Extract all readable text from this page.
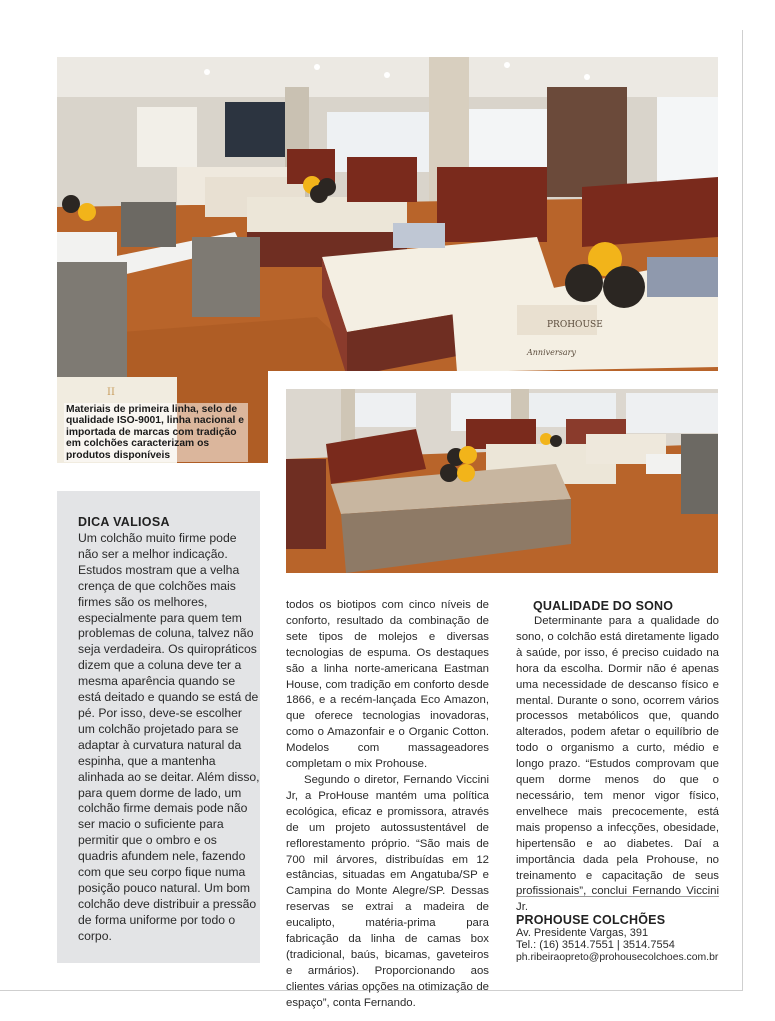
II
PROHOUSE
Anniversary
Materiais de primeira linha, selo de qualidade ISO-9001, linha nacional e importada de marcas com tradição em colchões caracterizam os produtos disponíveis
DICA VALIOSA
Um colchão muito firme pode não ser a melhor indicação. Estudos mostram que a velha crença de que colchões mais firmes são os melhores, especialmente para quem tem problemas de coluna, talvez não seja verdadeira. Os quiropráticos dizem que a coluna deve ter a mesma aparência quando se está deitado e quando se está de pé. Por isso, deve-se escolher um colchão projetado para se adaptar à curvatura natural da espinha, que a mantenha alinhada ao se deitar. Além disso, para quem dorme de lado, um colchão firme demais pode não ser macio o suficiente para permitir que o ombro e os quadris afundem nele, fazendo com que seu corpo fique numa posição pouco natural. Um bom colchão deve distribuir a pressão de forma uniforme por todo o corpo.

todos os biotipos com cinco níveis de conforto, resultado da combinação de sete tipos de molejos e diversas tecnologias de espuma. Os destaques são a linha norte-americana Eastman House, com tradição em conforto desde 1866, e a recém-lançada Eco Amazon, que oferece tecnologias inovadoras, como o Amazonfair e o Organic Cotton. Modelos com massageadores completam o mix Prohouse.

Segundo o diretor, Fernando Viccini Jr, a ProHouse mantém uma política ecológica, eficaz e promissora, através de um projeto autossustentável de reflorestamento próprio. “São mais de 700 mil árvores, distribuídas em 12 estâncias, situadas em Angatuba/SP e Campina do Monte Alegre/SP. Dessas reservas se extrai a madeira de eucalipto, matéria-prima para fabricação da linha de camas box (tradicional, baús, bicamas, gaveteiros e armários). Proporcionando aos clientes várias opções na otimização de espaço”, conta Fernando.

QUALIDADE DO SONO

Determinante para a qualidade do sono, o colchão está diretamente ligado à saúde, por isso, é preciso cuidado na hora da escolha. Dormir não é apenas uma necessidade de descanso físico e mental. Durante o sono, ocorrem vários processos metabólicos que, quando alterados, podem afetar o equilíbrio de todo o organismo a curto, médio e longo prazo. “Estudos comprovam que quem dorme menos do que o necessário, tem menor vigor físico, envelhece mais precocemente, está mais propenso a infecções, obesidade, hipertensão e ao diabetes. Daí a importância dada pela Prohouse, no treinamento e capacitação de seus profissionais”, conclui Fernando Viccini Jr.

PROHOUSE COLCHÕES
Av. Presidente Vargas, 391
Tel.: (16) 3514.7551 | 3514.7554
ph.ribeiraopreto@prohousecolchoes.com.br
